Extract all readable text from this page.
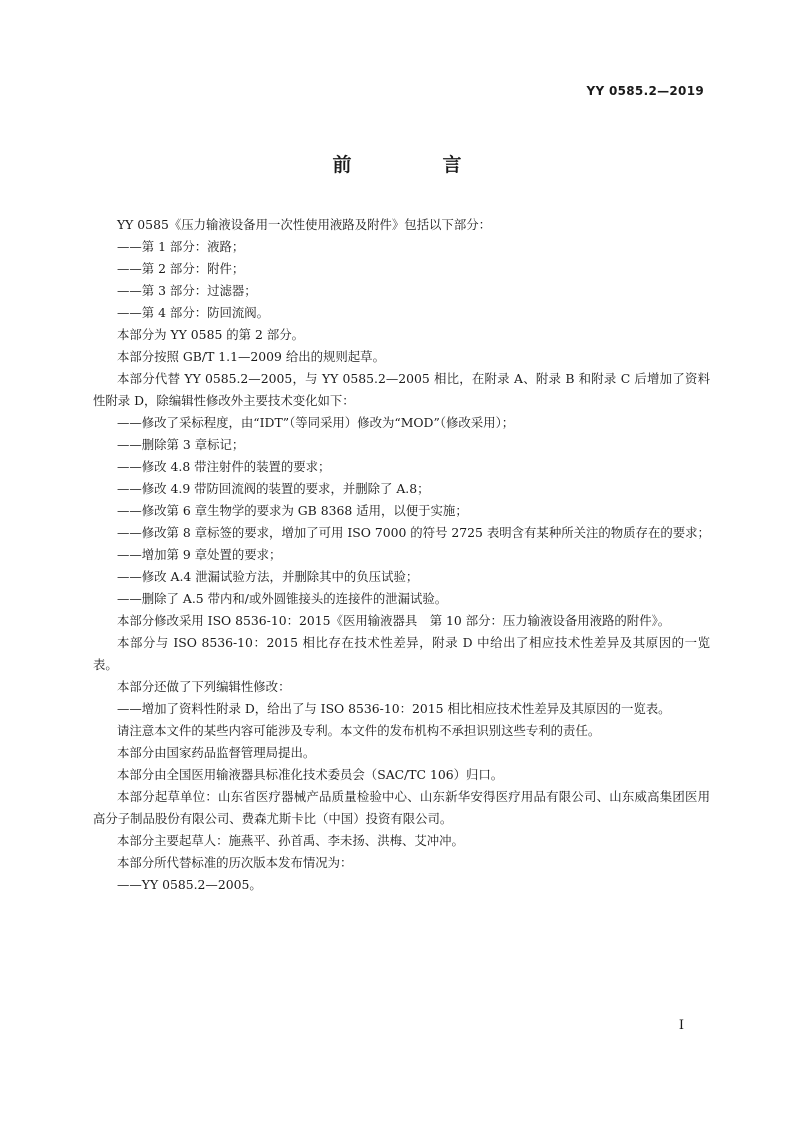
YY 0585.2—2019
前　言

YY 0585《压力输液设备用一次性使用液路及附件》包括以下部分：

——第 1 部分：液路；

——第 2 部分：附件；

——第 3 部分：过滤器；

——第 4 部分：防回流阀。

本部分为 YY 0585 的第 2 部分。

本部分按照 GB/T 1.1—2009 给出的规则起草。

本部分代替 YY 0585.2—2005，与 YY 0585.2—2005 相比，在附录 A、附录 B 和附录 C 后增加了资料性附录 D，除编辑性修改外主要技术变化如下：

——修改了采标程度，由“IDT”（等同采用）修改为“MOD”（修改采用）；

——删除第 3 章标记；

——修改 4.8 带注射件的装置的要求；

——修改 4.9 带防回流阀的装置的要求，并删除了 A.8；

——修改第 6 章生物学的要求为 GB 8368 适用，以便于实施；

——修改第 8 章标签的要求，增加了可用 ISO 7000 的符号 2725 表明含有某种所关注的物质存在的要求；

——增加第 9 章处置的要求；

——修改 A.4 泄漏试验方法，并删除其中的负压试验；

——删除了 A.5 带内和/或外圆锥接头的连接件的泄漏试验。

本部分修改采用 ISO 8536-10：2015《医用输液器具　第 10 部分：压力输液设备用液路的附件》。

本部分与 ISO 8536-10：2015 相比存在技术性差异，附录 D 中给出了相应技术性差异及其原因的一览表。

本部分还做了下列编辑性修改：

——增加了资料性附录 D，给出了与 ISO 8536-10：2015 相比相应技术性差异及其原因的一览表。

请注意本文件的某些内容可能涉及专利。本文件的发布机构不承担识别这些专利的责任。

本部分由国家药品监督管理局提出。

本部分由全国医用输液器具标准化技术委员会（SAC/TC 106）归口。

本部分起草单位：山东省医疗器械产品质量检验中心、山东新华安得医疗用品有限公司、山东威高集团医用高分子制品股份有限公司、费森尤斯卡比（中国）投资有限公司。

本部分主要起草人：施燕平、孙首禹、李未扬、洪梅、艾冲冲。

本部分所代替标准的历次版本发布情况为：

——YY 0585.2—2005。

I
